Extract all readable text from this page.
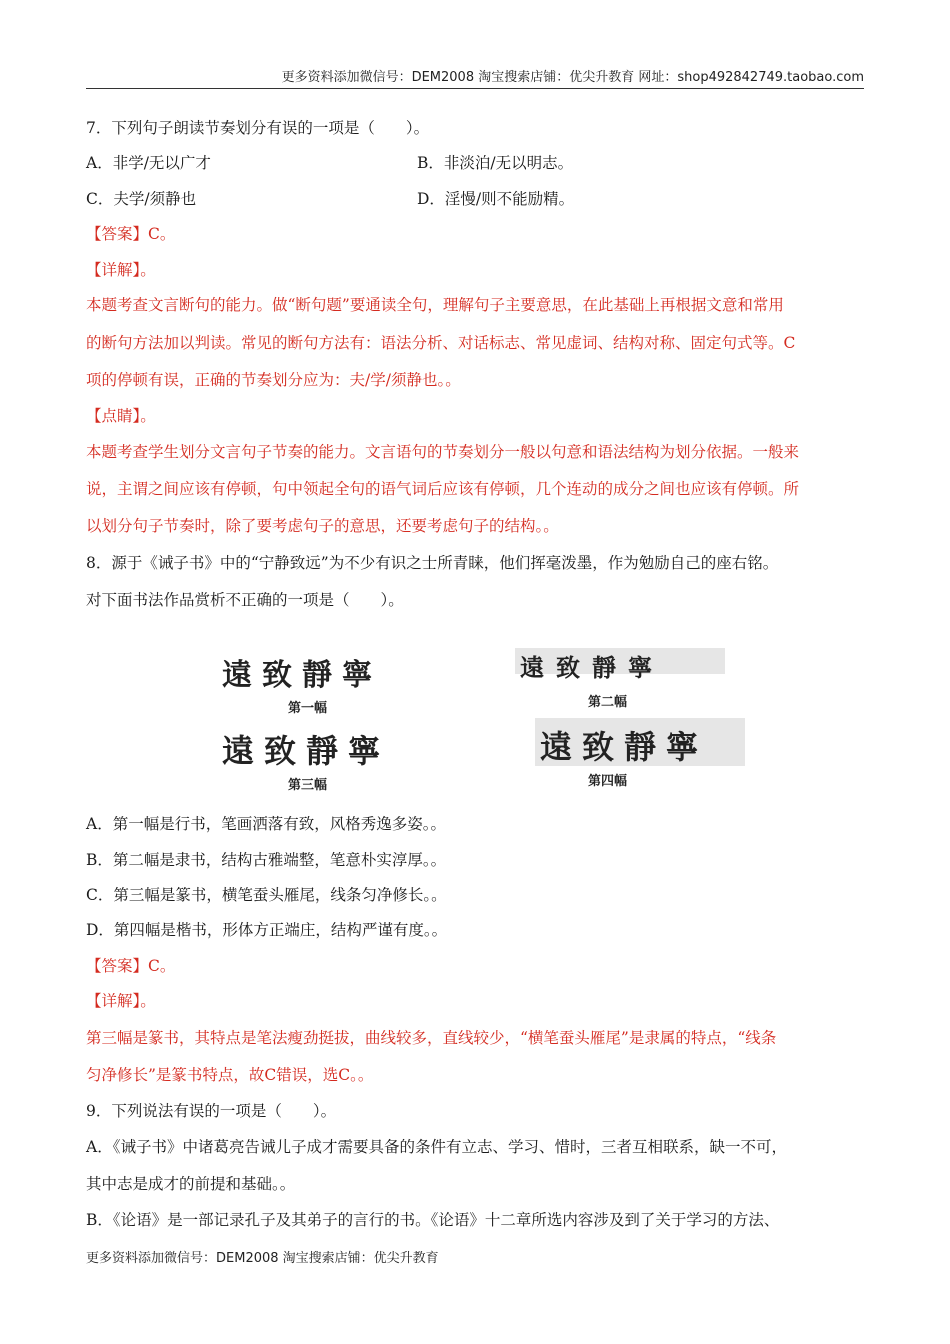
更多资料添加微信号：DEM2008 淘宝搜索店铺：优尖升教育 网址：shop492842749.taobao.com
7．下列句子朗读节奏划分有误的一项是（　　）。
A．非学/无以广才	B．非淡泊/无以明志。
C．夫学/须静也	D．淫慢/则不能励精。
【答案】C。
【详解】。
本题考查文言断句的能力。做“断句题”要通读全句，理解句子主要意思，在此基础上再根据文意和常用
的断句方法加以判读。常见的断句方法有：语法分析、对话标志、常见虚词、结构对称、固定句式等。C
项的停顿有误，正确的节奏划分应为：夫/学/须静也。。
【点睛】。
本题考查学生划分文言句子节奏的能力。文言语句的节奏划分一般以句意和语法结构为划分依据。一般来
说，主谓之间应该有停顿，句中领起全句的语气词后应该有停顿，几个连动的成分之间也应该有停顿。所
以划分句子节奏时，除了要考虑句子的意思，还要考虑句子的结构。。
8．源于《诫子书》中的“宁静致远”为不少有识之士所青睐，他们挥毫泼墨，作为勉励自己的座右铭。
对下面书法作品赏析不正确的一项是（　　）。
遠致靜寧
第一幅
遠致靜寧
第二幅
遠致靜寧
第三幅
遠致靜寧
第四幅
A．第一幅是行书，笔画洒落有致，风格秀逸多姿。。
B．第二幅是隶书，结构古雅端整，笔意朴实淳厚。。
C．第三幅是篆书，横笔蚕头雁尾，线条匀净修长。。
D．第四幅是楷书，形体方正端庄，结构严谨有度。。
【答案】C。
【详解】。
第三幅是篆书，其特点是笔法瘦劲挺拔，曲线较多，直线较少，“横笔蚕头雁尾”是隶属的特点，“线条
匀净修长”是篆书特点，故C错误，选C。。
9．下列说法有误的一项是（　　）。
A．《诫子书》中诸葛亮告诫儿子成才需要具备的条件有立志、学习、惜时，三者互相联系，缺一不可，
其中志是成才的前提和基础。。
B．《论语》是一部记录孔子及其弟子的言行的书。《论语》十二章所选内容涉及到了关于学习的方法、
更多资料添加微信号：DEM2008 淘宝搜索店铺：优尖升教育
